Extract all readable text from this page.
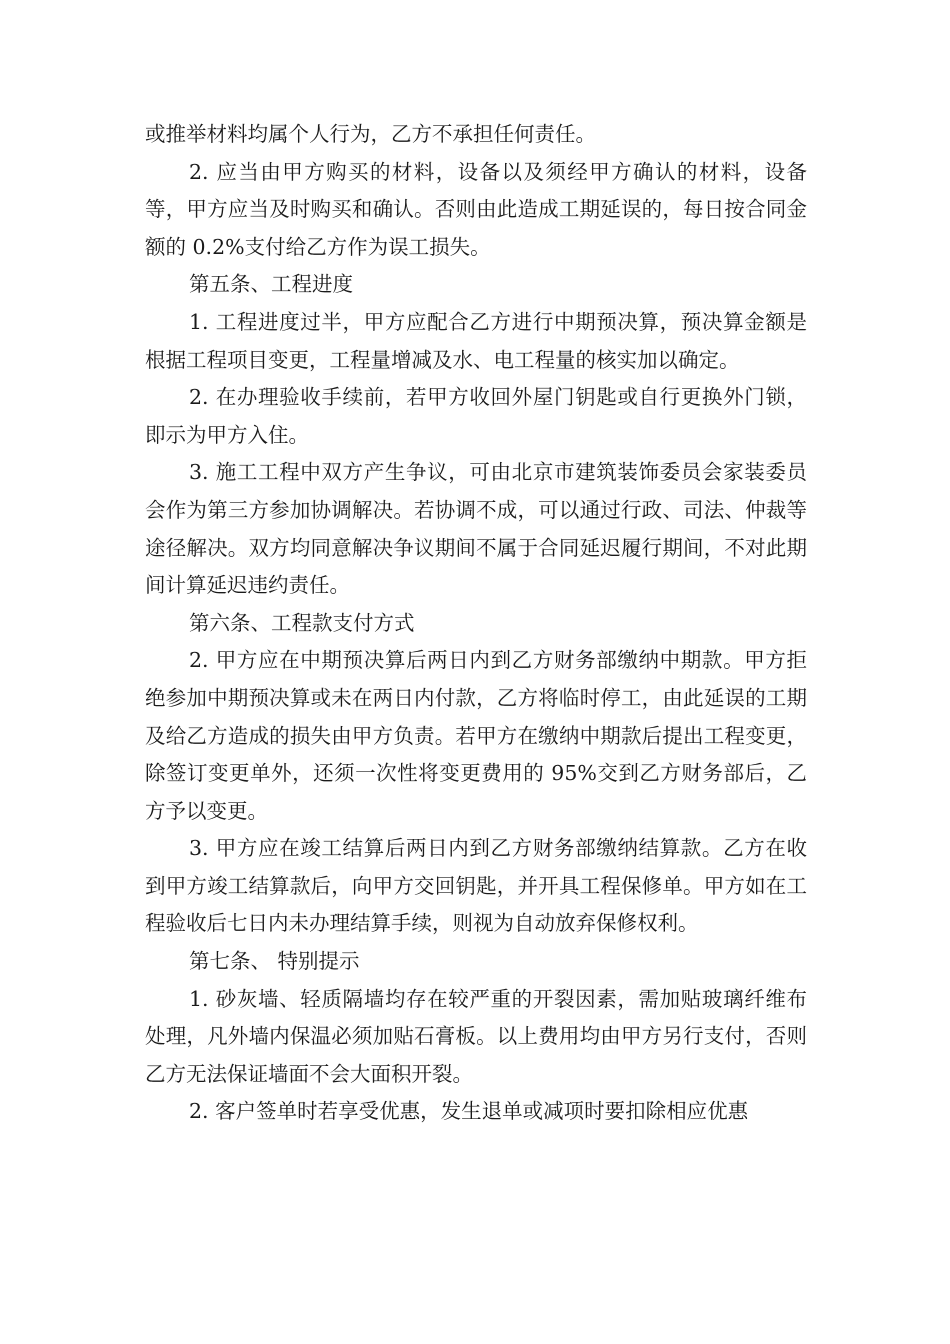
或推举材料均属个人行为，乙方不承担任何责任。

2. 应当由甲方购买的材料，设备以及须经甲方确认的材料，设备等，甲方应当及时购买和确认。否则由此造成工期延误的，每日按合同金额的 0.2%支付给乙方作为误工损失。

第五条、工程进度

1. 工程进度过半，甲方应配合乙方进行中期预决算，预决算金额是根据工程项目变更，工程量增减及水、电工程量的核实加以确定。

2. 在办理验收手续前，若甲方收回外屋门钥匙或自行更换外门锁，即示为甲方入住。

3. 施工工程中双方产生争议，可由北京市建筑装饰委员会家装委员会作为第三方参加协调解决。若协调不成，可以通过行政、司法、仲裁等途径解决。双方均同意解决争议期间不属于合同延迟履行期间，不对此期间计算延迟违约责任。

第六条、工程款支付方式

2. 甲方应在中期预决算后两日内到乙方财务部缴纳中期款。甲方拒绝参加中期预决算或未在两日内付款，乙方将临时停工，由此延误的工期及给乙方造成的损失由甲方负责。若甲方在缴纳中期款后提出工程变更，除签订变更单外，还须一次性将变更费用的 95%交到乙方财务部后，乙方予以变更。

3. 甲方应在竣工结算后两日内到乙方财务部缴纳结算款。乙方在收到甲方竣工结算款后，向甲方交回钥匙，并开具工程保修单。甲方如在工程验收后七日内未办理结算手续，则视为自动放弃保修权利。

第七条、 特别提示

1. 砂灰墙、轻质隔墙均存在较严重的开裂因素，需加贴玻璃纤维布处理，凡外墙内保温必须加贴石膏板。以上费用均由甲方另行支付，否则乙方无法保证墙面不会大面积开裂。

2. 客户签单时若享受优惠，发生退单或减项时要扣除相应优惠
